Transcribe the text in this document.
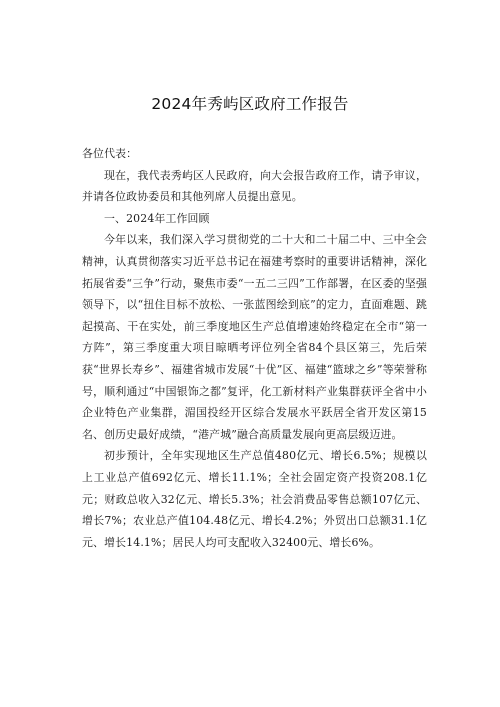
2024年秀屿区政府工作报告

各位代表：

现在，我代表秀屿区人民政府，向大会报告政府工作，请予审议，并请各位政协委员和其他列席人员提出意见。

一、2024年工作回顾

今年以来，我们深入学习贯彻党的二十大和二十届二中、三中全会精神，认真贯彻落实习近平总书记在福建考察时的重要讲话精神，深化拓展省委“三争”行动，聚焦市委“一五二三四”工作部署，在区委的坚强领导下，以“扭住目标不放松、一张蓝图绘到底”的定力，直面难题、跳起摸高、干在实处，前三季度地区生产总值增速始终稳定在全市“第一方阵”，第三季度重大项目晾晒考评位列全省84个县区第三，先后荣获“世界长寿乡”、福建省城市发展“十优”区、福建“篮球之乡”等荣誉称号，顺利通过“中国银饰之都”复评，化工新材料产业集群获评全省中小企业特色产业集群，湄国投经开区综合发展水平跃居全省开发区第15名、创历史最好成绩，“港产城”融合高质量发展向更高层级迈进。

初步预计，全年实现地区生产总值480亿元、增长6.5%；规模以上工业总产值692亿元、增长11.1%；全社会固定资产投资208.1亿元；财政总收入32亿元、增长5.3%；社会消费品零售总额107亿元、增长7%；农业总产值104.48亿元、增长4.2%；外贸出口总额31.1亿元、增长14.1%；居民人均可支配收入32400元、增长6%。
